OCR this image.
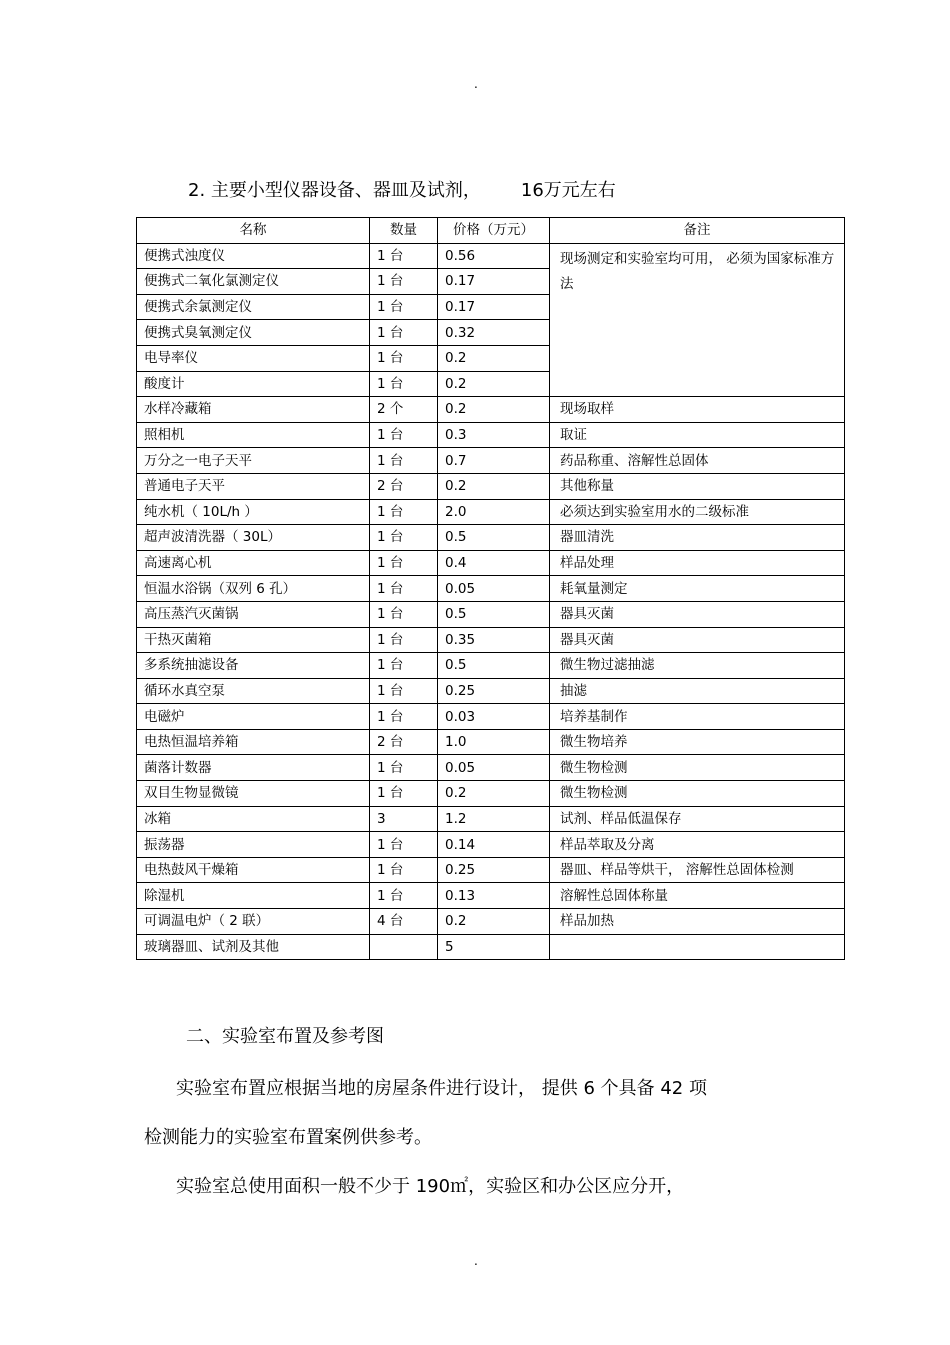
.
2. 主要小型仪器设备、器皿及试剂， 16万元左右
名称	数量	价格（万元）	备注
便携式浊度仪	1 台	0.56	现场测定和实验室均可用， 必须为国家标准方法
便携式二氧化氯测定仪	1 台	0.17	
便携式余氯测定仪	1 台	0.17	
便携式臭氧测定仪	1 台	0.32	
电导率仪	1 台	0.2	
酸度计	1 台	0.2	
水样冷藏箱	2 个	0.2	现场取样
照相机	1 台	0.3	取证
万分之一电子天平	1 台	0.7	药品称重、溶解性总固体
普通电子天平	2 台	0.2	其他称量
纯水机（ 10L/h ）	1 台	2.0	必须达到实验室用水的二级标准
超声波清洗器（ 30L）	1 台	0.5	器皿清洗
高速离心机	1 台	0.4	样品处理
恒温水浴锅（双列 6 孔）	1 台	0.05	耗氧量测定
高压蒸汽灭菌锅	1 台	0.5	器具灭菌
干热灭菌箱	1 台	0.35	器具灭菌
多系统抽滤设备	1 台	0.5	微生物过滤抽滤
循环水真空泵	1 台	0.25	抽滤
电磁炉	1 台	0.03	培养基制作
电热恒温培养箱	2 台	1.0	微生物培养
菌落计数器	1 台	0.05	微生物检测
双目生物显微镜	1 台	0.2	微生物检测
冰箱	3	1.2	试剂、样品低温保存
振荡器	1 台	0.14	样品萃取及分离
电热鼓风干燥箱	1 台	0.25	器皿、样品等烘干， 溶解性总固体检测
除湿机	1 台	0.13	溶解性总固体称量
可调温电炉（ 2 联）	4 台	0.2	样品加热
玻璃器皿、试剂及其他		5	
二、实验室布置及参考图
实验室布置应根据当地的房屋条件进行设计， 提供 6 个具备 42 项
检测能力的实验室布置案例供参考。
实验室总使用面积一般不少于 190㎡，实验区和办公区应分开，
.
